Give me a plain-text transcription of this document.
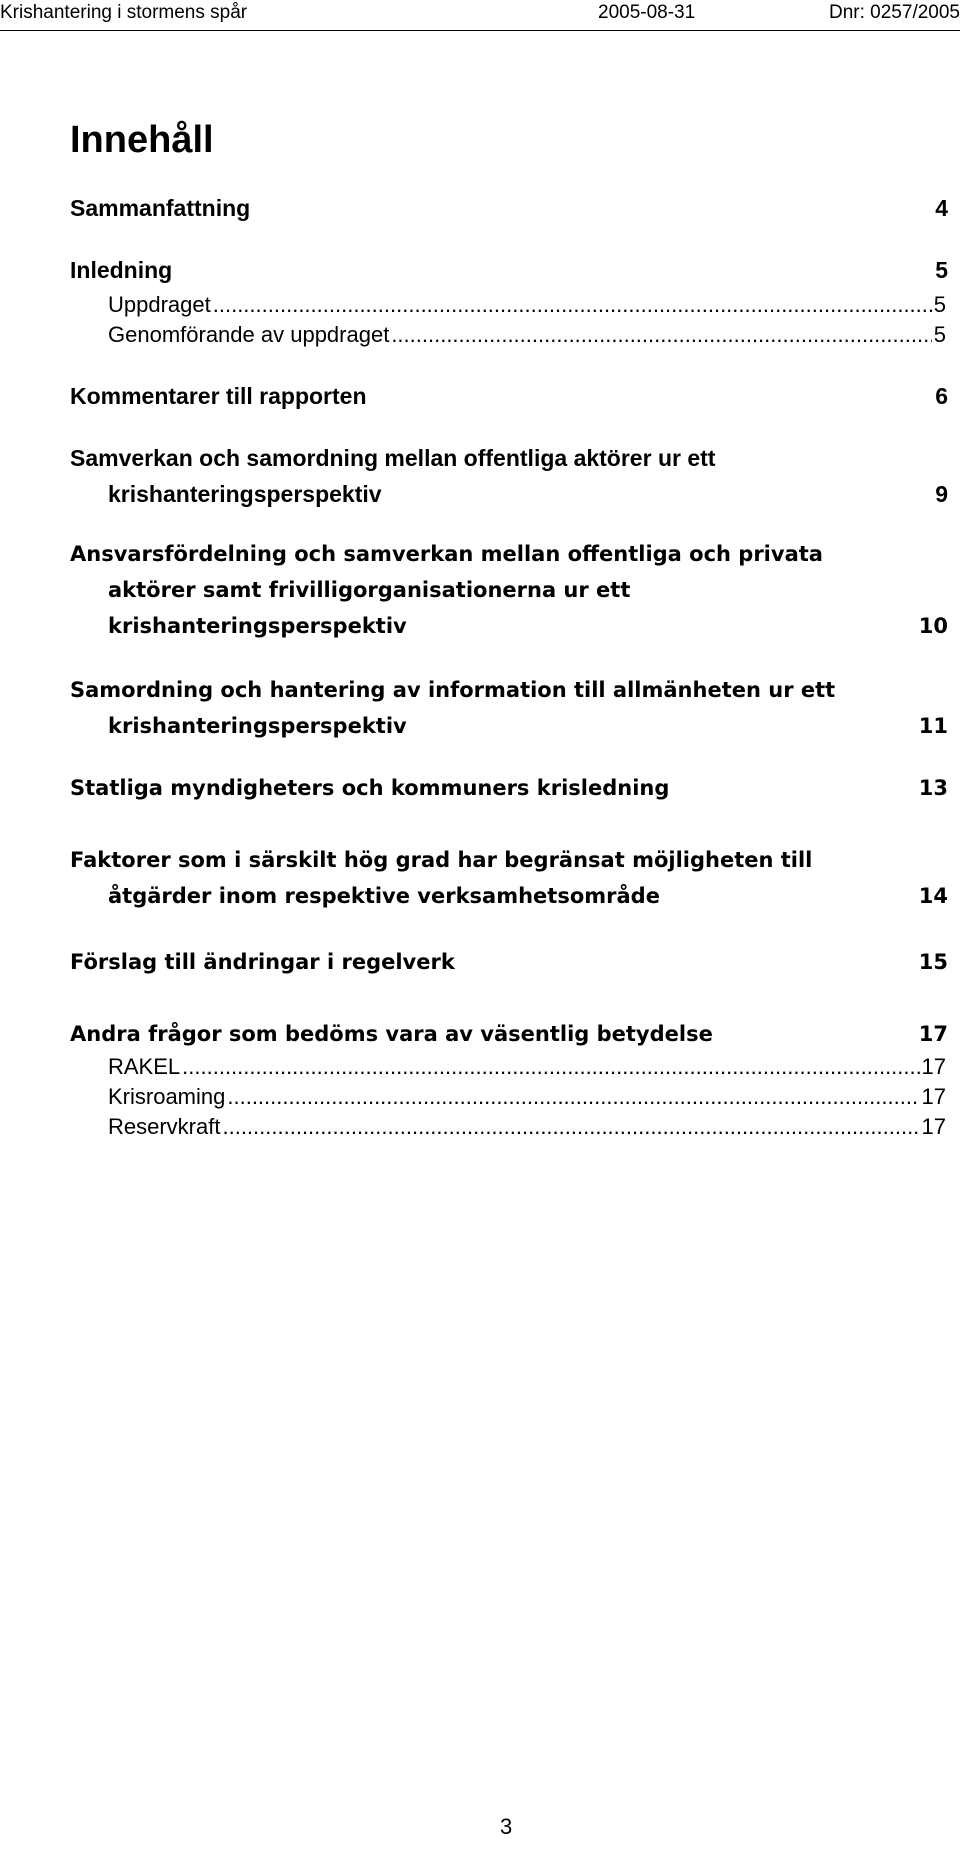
Krishantering i stormens spår	2005-08-31	Dnr: 0257/2005
Innehåll
Sammanfattning	4
Inledning	5
Uppdraget .....	5
Genomförande av uppdraget .....	5
Kommentarer till rapporten	6
Samverkan och samordning mellan offentliga aktörer ur ett
krishanteringsperspektiv	9
Ansvarsfördelning och samverkan mellan offentliga och privata
aktörer samt frivilligorganisationerna ur ett
krishanteringsperspektiv	10
Samordning och hantering av information till allmänheten ur ett
krishanteringsperspektiv	11
Statliga myndigheters och kommuners krisledning	13
Faktorer som i särskilt hög grad har begränsat möjligheten till
åtgärder inom respektive verksamhetsområde	14
Förslag till ändringar i regelverk	15
Andra frågor som bedöms vara av väsentlig betydelse	17
RAKEL .....	17
Krisroaming .....	17
Reservkraft .....	17
3
